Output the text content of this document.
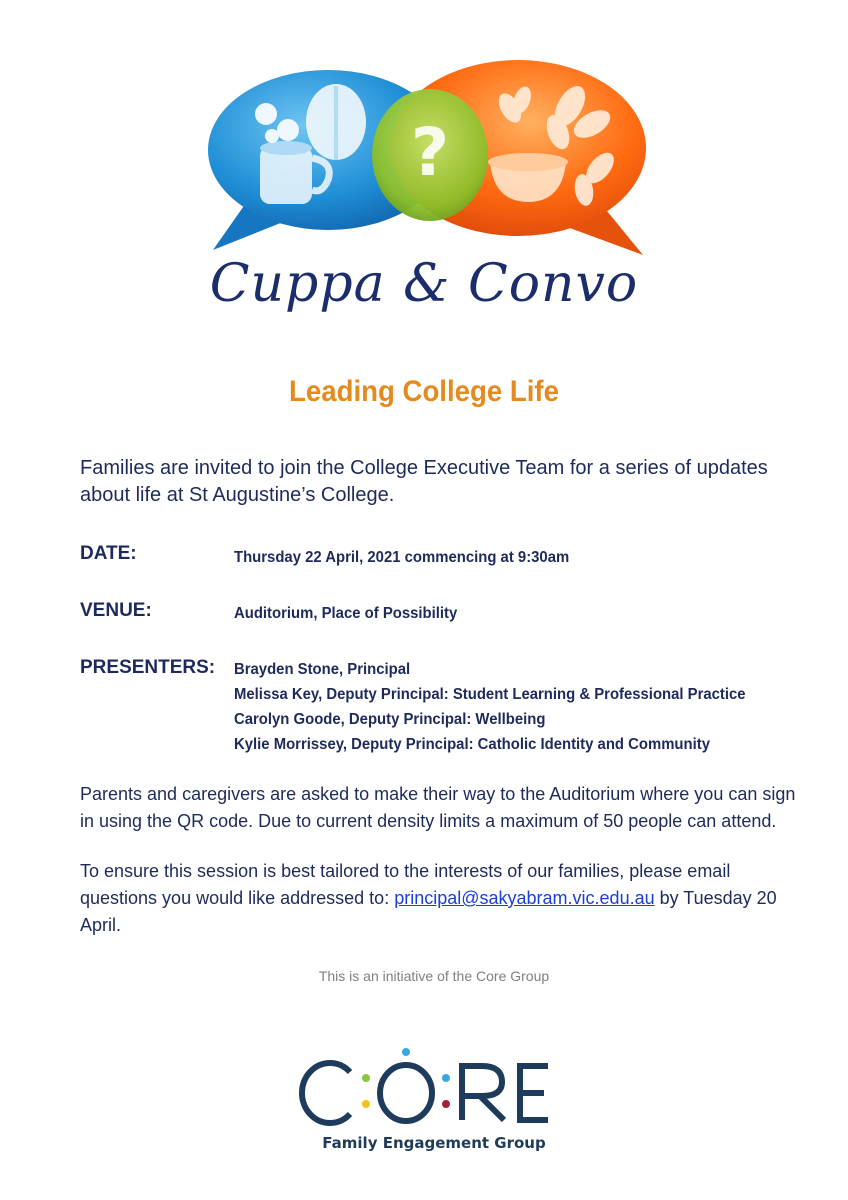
?
Cuppa & Convo
Leading College Life
Families are invited to join the College Executive Team for a series of updates about life at St Augustine’s College.
DATE:	Thursday 22 April, 2021 commencing at 9:30am
VENUE:	Auditorium, Place of Possibility
PRESENTERS: Brayden Stone, Principal
Melissa Key, Deputy Principal: Student Learning & Professional Practice
Carolyn Goode, Deputy Principal: Wellbeing
Kylie Morrissey, Deputy Principal: Catholic Identity and Community
Parents and caregivers are asked to make their way to the Auditorium where you can sign in using the QR code. Due to current density limits a maximum of 50 people can attend.
To ensure this session is best tailored to the interests of our families, please email questions you would like addressed to: principal@sakyabram.vic.edu.au by Tuesday 20 April.
This is an initiative of the Core Group
Family Engagement Group
